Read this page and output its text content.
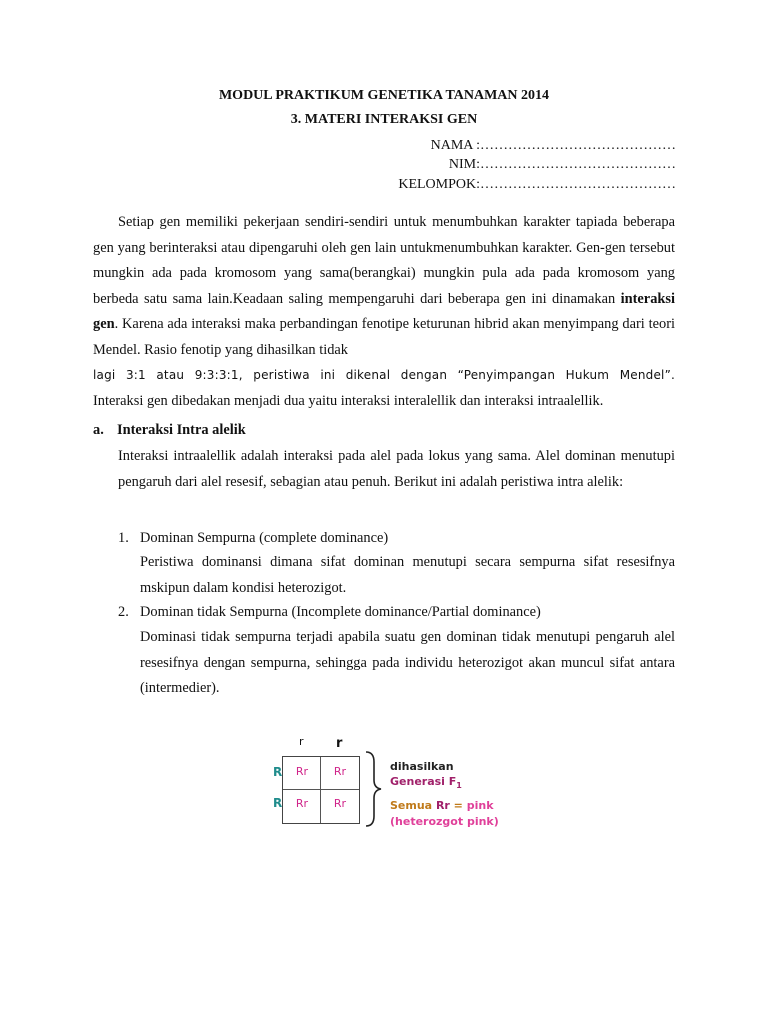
MODUL PRAKTIKUM GENETIKA TANAMAN 2014
3. MATERI INTERAKSI GEN
NAMA :……………………………………
NIM:……………………………………
KELOMPOK:……………………………………
Setiap gen memiliki pekerjaan sendiri-sendiri untuk menumbuhkan karakter tapiada beberapa gen yang berinteraksi atau dipengaruhi oleh gen lain untukmenumbuhkan karakter. Gen-gen tersebut mungkin ada pada kromosom yang sama(berangkai) mungkin pula ada pada kromosom yang berbeda satu sama lain.Keadaan saling mempengaruhi dari beberapa gen ini dinamakan interaksi gen. Karena ada interaksi maka perbandingan fenotipe keturunan hibrid akan menyimpang dari teori Mendel. Rasio fenotip yang dihasilkan tidak
lagi 3:1 atau 9:3:3:1, peristiwa ini dikenal dengan “Penyimpangan Hukum Mendel”.
Interaksi gen dibedakan menjadi dua yaitu interaksi interalellik dan interaksi intraalellik.
a. Interaksi Intra alelik
Interaksi intraalellik adalah interaksi pada alel pada lokus yang sama. Alel dominan menutupi pengaruh dari alel resesif, sebagian atau penuh. Berikut ini adalah peristiwa intra alelik:
1. Dominan Sempurna (complete dominance)
Peristiwa dominansi dimana sifat dominan menutupi secara sempurna sifat resesifnya mskipun dalam kondisi heterozigot.
2. Dominan tidak Sempurna (Incomplete dominance/Partial dominance)
Dominasi tidak sempurna terjadi apabila suatu gen dominan tidak menutupi pengaruh alel resesifnya dengan sempurna, sehingga pada individu heterozigot akan muncul sifat antara (intermedier).
r r
R
R
Rr	Rr
Rr	Rr
dihasilkan
Generasi $F_1$
Semua Rr = pink
(heterozgot pink)
